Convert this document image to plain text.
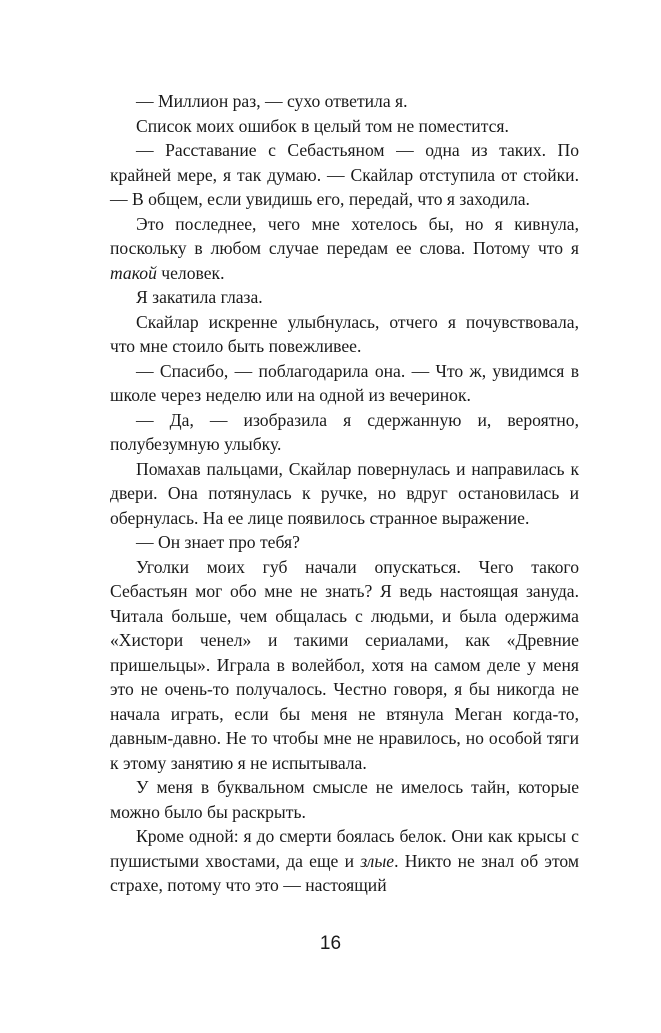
— Миллион раз, — сухо ответила я.

Список моих ошибок в целый том не поместится.

— Расставание с Себастьяном — одна из таких. По крайней мере, я так думаю. — Скайлар отступила от стойки. — В общем, если увидишь его, передай, что я заходила.

Это последнее, чего мне хотелось бы, но я кивнула, поскольку в любом случае передам ее слова. Потому что я такой человек.

Я закатила глаза.

Скайлар искренне улыбнулась, отчего я почувствовала, что мне стоило быть повежливее.

— Спасибо, — поблагодарила она. — Что ж, увидимся в школе через неделю или на одной из вечеринок.

— Да, — изобразила я сдержанную и, вероятно, полубезумную улыбку.

Помахав пальцами, Скайлар повернулась и направилась к двери. Она потянулась к ручке, но вдруг остановилась и обернулась. На ее лице появилось странное выражение.

— Он знает про тебя?

Уголки моих губ начали опускаться. Чего такого Себастьян мог обо мне не знать? Я ведь настоящая зануда. Читала больше, чем общалась с людьми, и была одержима «Хистори ченел» и такими сериалами, как «Древние пришельцы». Играла в волейбол, хотя на самом деле у меня это не очень-то получалось. Честно говоря, я бы никогда не начала играть, если бы меня не втянула Меган когда-то, давным-давно. Не то чтобы мне не нравилось, но особой тяги к этому занятию я не испытывала.

У меня в буквальном смысле не имелось тайн, которые можно было бы раскрыть.

Кроме одной: я до смерти боялась белок. Они как крысы с пушистыми хвостами, да еще и злые. Никто не знал об этом страхе, потому что это — настоящий

16
